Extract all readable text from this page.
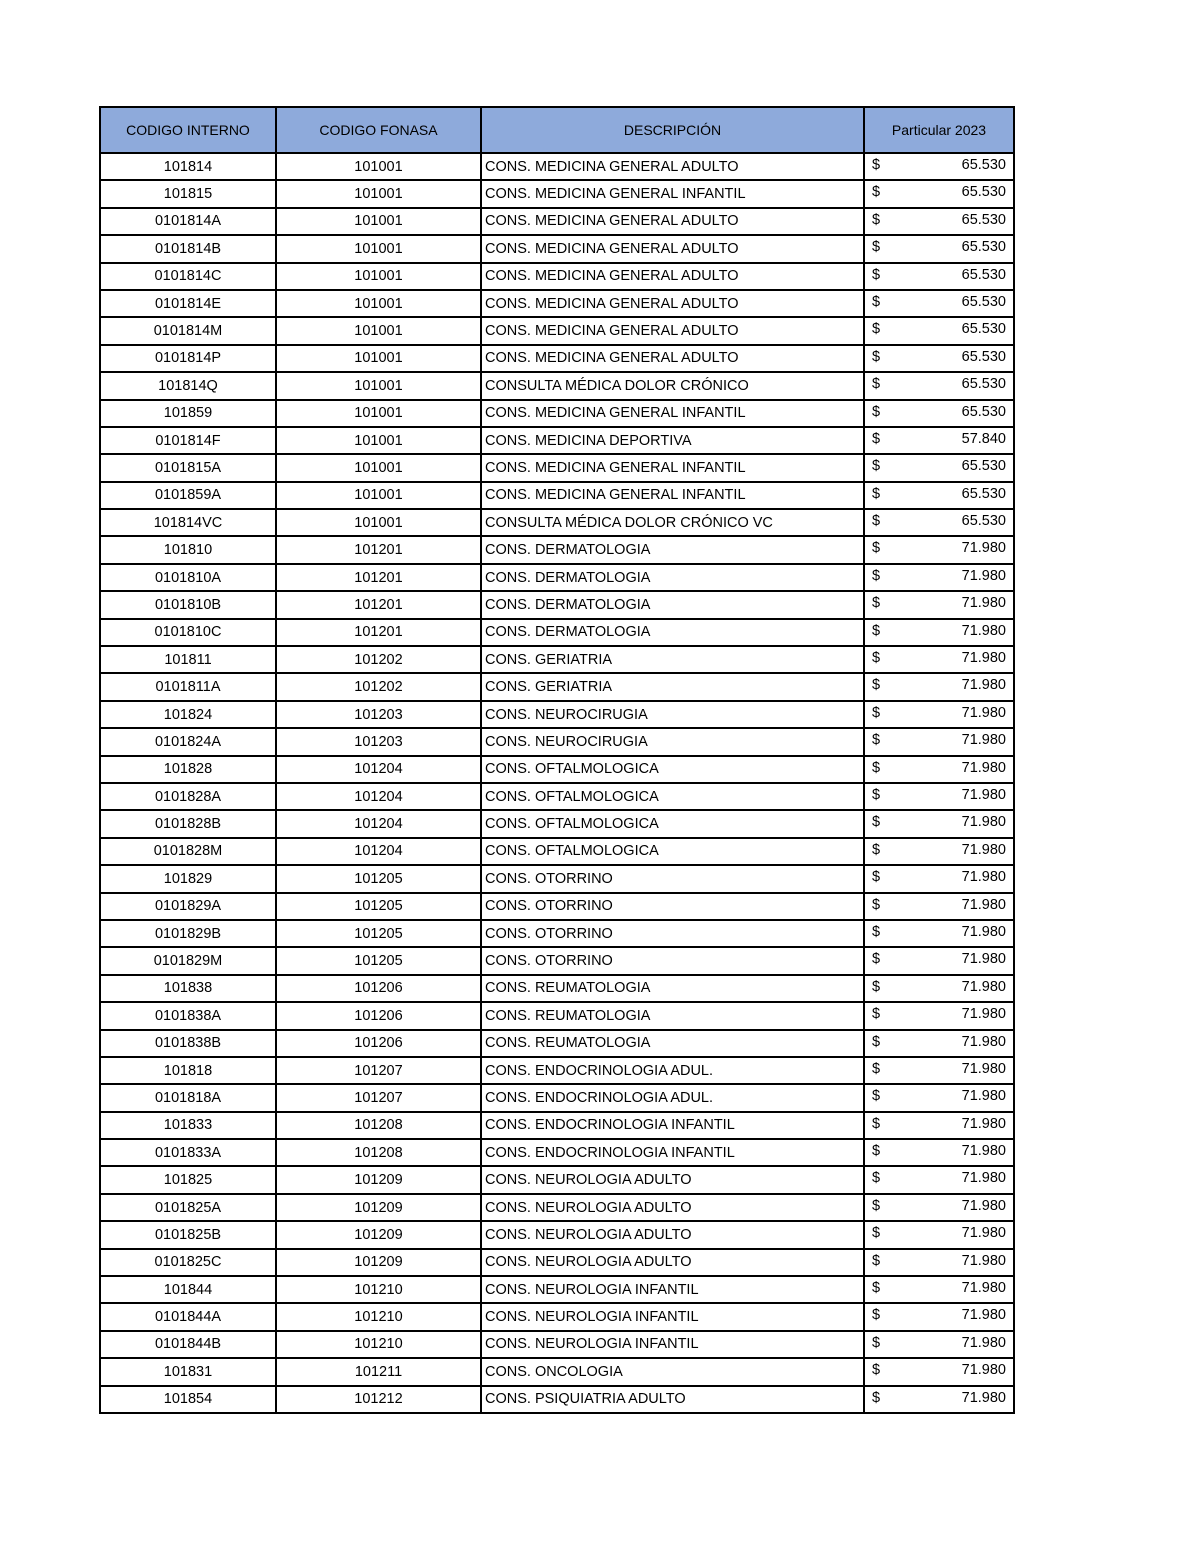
CODIGO INTERNO	CODIGO FONASA	DESCRIPCIÓN	Particular 2023
101814	101001	CONS. MEDICINA GENERAL ADULTO	$ 65.530

101815	101001	CONS. MEDICINA GENERAL INFANTIL	$ 65.530

0101814A	101001	CONS. MEDICINA GENERAL ADULTO	$ 65.530

0101814B	101001	CONS. MEDICINA GENERAL ADULTO	$ 65.530

0101814C	101001	CONS. MEDICINA GENERAL ADULTO	$ 65.530

0101814E	101001	CONS. MEDICINA GENERAL ADULTO	$ 65.530

0101814M	101001	CONS. MEDICINA GENERAL ADULTO	$ 65.530

0101814P	101001	CONS. MEDICINA GENERAL ADULTO	$ 65.530

101814Q	101001	CONSULTA MÉDICA DOLOR CRÓNICO	$ 65.530

101859	101001	CONS. MEDICINA GENERAL INFANTIL	$ 65.530

0101814F	101001	CONS. MEDICINA DEPORTIVA	$ 57.840

0101815A	101001	CONS. MEDICINA GENERAL INFANTIL	$ 65.530

0101859A	101001	CONS. MEDICINA GENERAL INFANTIL	$ 65.530

101814VC	101001	CONSULTA MÉDICA DOLOR CRÓNICO VC	$ 65.530

101810	101201	CONS. DERMATOLOGIA	$ 71.980

0101810A	101201	CONS. DERMATOLOGIA	$ 71.980

0101810B	101201	CONS. DERMATOLOGIA	$ 71.980

0101810C	101201	CONS. DERMATOLOGIA	$ 71.980

101811	101202	CONS. GERIATRIA	$ 71.980

0101811A	101202	CONS. GERIATRIA	$ 71.980

101824	101203	CONS. NEUROCIRUGIA	$ 71.980

0101824A	101203	CONS. NEUROCIRUGIA	$ 71.980

101828	101204	CONS. OFTALMOLOGICA	$ 71.980

0101828A	101204	CONS. OFTALMOLOGICA	$ 71.980

0101828B	101204	CONS. OFTALMOLOGICA	$ 71.980

0101828M	101204	CONS. OFTALMOLOGICA	$ 71.980

101829	101205	CONS. OTORRINO	$ 71.980

0101829A	101205	CONS. OTORRINO	$ 71.980

0101829B	101205	CONS. OTORRINO	$ 71.980

0101829M	101205	CONS. OTORRINO	$ 71.980

101838	101206	CONS. REUMATOLOGIA	$ 71.980

0101838A	101206	CONS. REUMATOLOGIA	$ 71.980

0101838B	101206	CONS. REUMATOLOGIA	$ 71.980

101818	101207	CONS. ENDOCRINOLOGIA ADUL.	$ 71.980

0101818A	101207	CONS. ENDOCRINOLOGIA ADUL.	$ 71.980

101833	101208	CONS. ENDOCRINOLOGIA INFANTIL	$ 71.980

0101833A	101208	CONS. ENDOCRINOLOGIA INFANTIL	$ 71.980

101825	101209	CONS. NEUROLOGIA ADULTO	$ 71.980

0101825A	101209	CONS. NEUROLOGIA ADULTO	$ 71.980

0101825B	101209	CONS. NEUROLOGIA ADULTO	$ 71.980

0101825C	101209	CONS. NEUROLOGIA ADULTO	$ 71.980

101844	101210	CONS. NEUROLOGIA INFANTIL	$ 71.980

0101844A	101210	CONS. NEUROLOGIA INFANTIL	$ 71.980

0101844B	101210	CONS. NEUROLOGIA INFANTIL	$ 71.980

101831	101211	CONS. ONCOLOGIA	$ 71.980

101854	101212	CONS. PSIQUIATRIA ADULTO	$ 71.980
